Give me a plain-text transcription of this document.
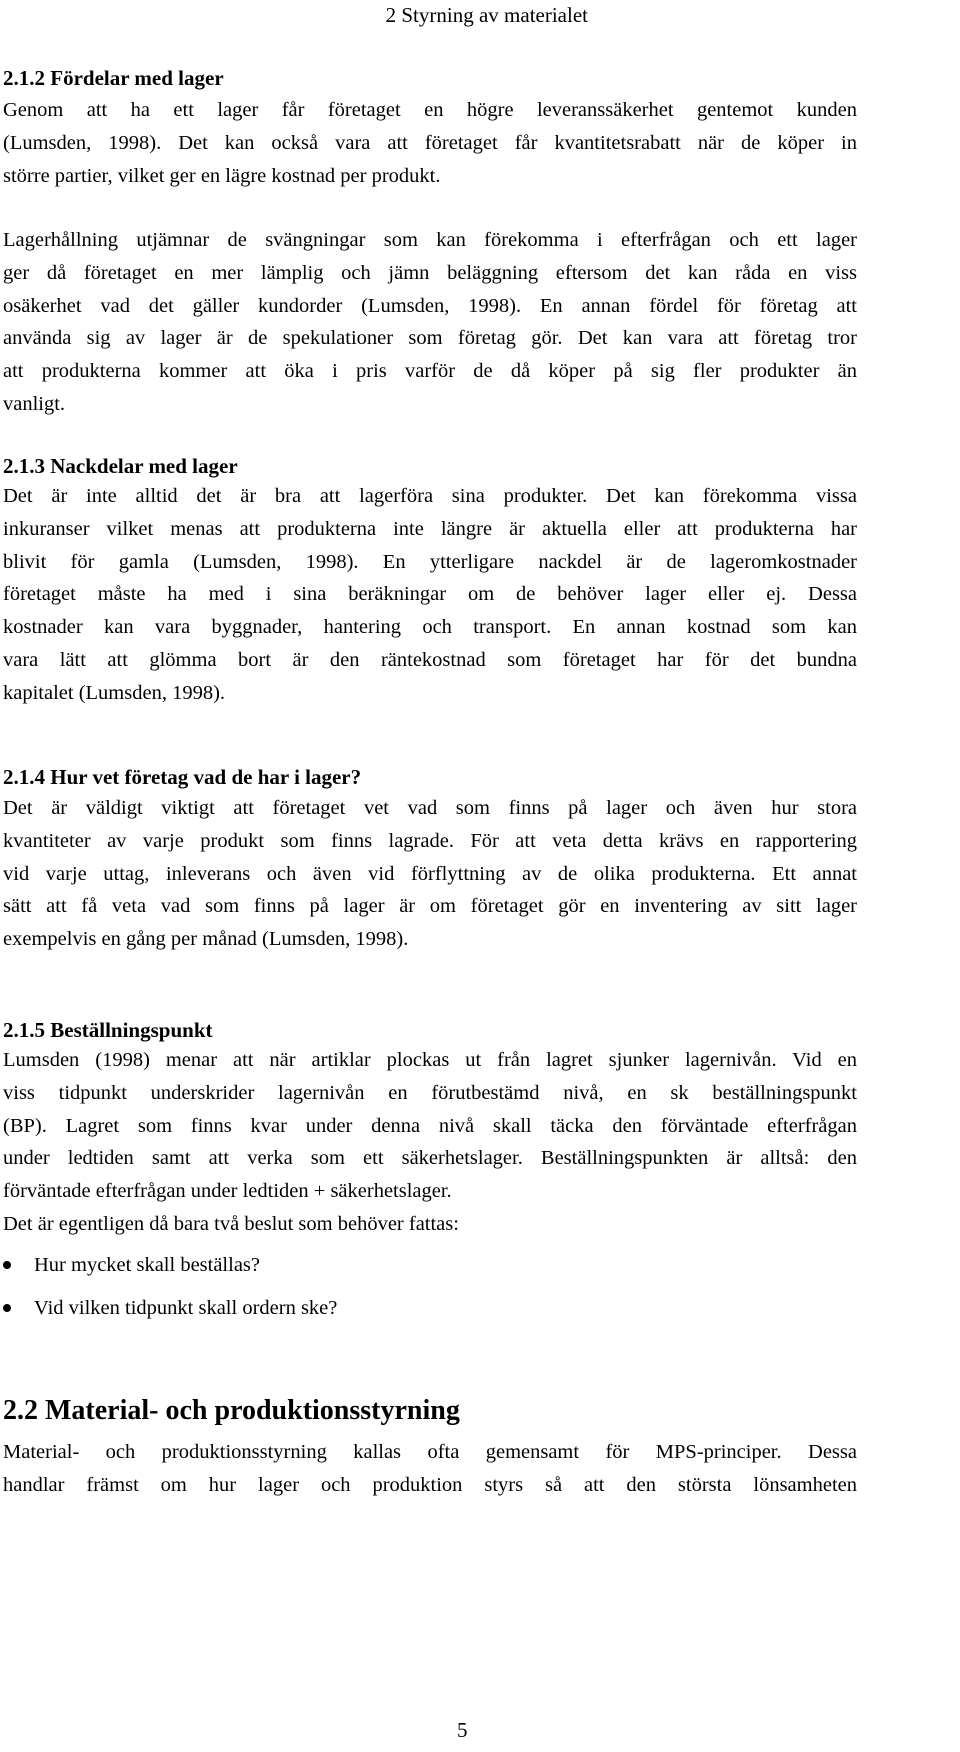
2 Styrning av materialet
2.1.2 Fördelar med lager

Genom att ha ett lager får företaget en högre leveranssäkerhet gentemot kunden
(Lumsden, 1998). Det kan också vara att företaget får kvantitetsrabatt när de köper in
större partier, vilket ger en lägre kostnad per produkt.

Lagerhållning utjämnar de svängningar som kan förekomma i efterfrågan och ett lager
ger då företaget en mer lämplig och jämn beläggning eftersom det kan råda en viss
osäkerhet vad det gäller kundorder (Lumsden, 1998). En annan fördel för företag att
använda sig av lager är de spekulationer som företag gör. Det kan vara att företag tror
att produkterna kommer att öka i pris varför de då köper på sig fler produkter än
vanligt.

2.1.3 Nackdelar med lager

Det är inte alltid det är bra att lagerföra sina produkter. Det kan förekomma vissa
inkuranser vilket menas att produkterna inte längre är aktuella eller att produkterna har
blivit för gamla (Lumsden, 1998). En ytterligare nackdel är de lageromkostnader
företaget måste ha med i sina beräkningar om de behöver lager eller ej. Dessa
kostnader kan vara byggnader, hantering och transport. En annan kostnad som kan
vara lätt att glömma bort är den räntekostnad som företaget har för det bundna
kapitalet (Lumsden, 1998).

2.1.4 Hur vet företag vad de har i lager?

Det är väldigt viktigt att företaget vet vad som finns på lager och även hur stora
kvantiteter av varje produkt som finns lagrade. För att veta detta krävs en rapportering
vid varje uttag, inleverans och även vid förflyttning av de olika produkterna. Ett annat
sätt att få veta vad som finns på lager är om företaget gör en inventering av sitt lager
exempelvis en gång per månad (Lumsden, 1998).

2.1.5 Beställningspunkt

Lumsden (1998) menar att när artiklar plockas ut från lagret sjunker lagernivån. Vid en
viss tidpunkt underskrider lagernivån en förutbestämd nivå, en sk beställningspunkt
(BP). Lagret som finns kvar under denna nivå skall täcka den förväntade efterfrågan
under ledtiden samt att verka som ett säkerhetslager. Beställningspunkten är alltså: den
förväntade efterfrågan under ledtiden + säkerhetslager.

Det är egentligen då bara två beslut som behöver fattas:

Hur mycket skall beställas?
Vid vilken tidpunkt skall ordern ske?
2.2 Material- och produktionsstyrning

Material- och produktionsstyrning kallas ofta gemensamt för MPS-principer. Dessa
handlar främst om hur lager och produktion styrs så att den största lönsamheten

5
